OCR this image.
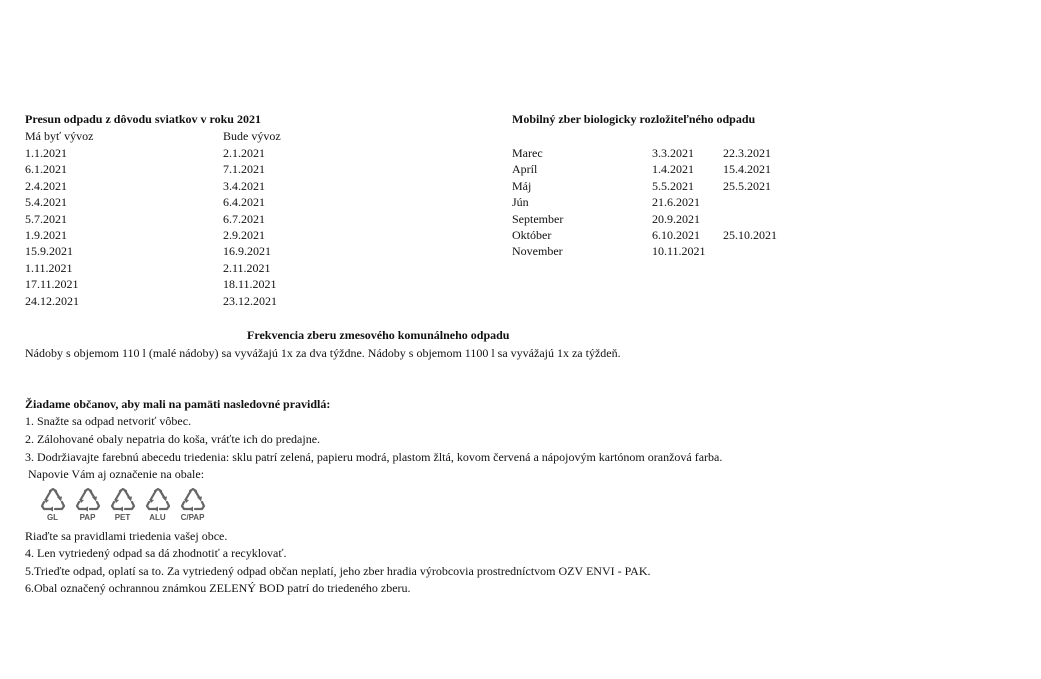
Presun odpadu z dôvodu sviatkov v roku 2021
Má byť vývoz	Bude vývoz
1.1.2021
6.1.2021
2.4.2021
5.4.2021
5.7.2021
1.9.2021
15.9.2021
1.11.2021
17.11.2021
24.12.2021
2.1.2021
7.1.2021
3.4.2021
6.4.2021
6.7.2021
2.9.2021
16.9.2021
2.11.2021
18.11.2021
23.12.2021
Mobilný zber biologicky rozložiteľného odpadu
Marec
Apríl
Máj
Jún
September
Október
November
3.3.2021
1.4.2021
5.5.2021
21.6.2021
20.9.2021
6.10.2021
10.11.2021
22.3.2021
15.4.2021
25.5.2021
25.10.2021
Frekvencia zberu zmesového komunálneho odpadu
Nádoby s objemom 110 l (malé nádoby) sa vyvážajú 1x za dva týždne. Nádoby s objemom 1100 l sa vyvážajú 1x za týždeň.
Žiadame občanov, aby mali na pamäti nasledovné pravidlá:
1. Snažte sa odpad netvoriť vôbec.
2. Zálohované obaly nepatria do koša, vráťte ich do predajne.
3. Dodržiavajte farebnú abecedu triedenia: sklu patrí zelená, papieru modrá, plastom žltá, kovom červená a nápojovým kartónom oranžová farba.
Napovie Vám aj označenie na obale:
GL	PAP PET ALU C/PAP
Riaďte sa pravidlami triedenia vašej obce.
4. Len vytriedený odpad sa dá zhodnotiť a recyklovať.
5.Trieďte odpad, oplatí sa to. Za vytriedený odpad občan neplatí, jeho zber hradia výrobcovia prostredníctvom OZV ENVI - PAK.
6.Obal označený ochrannou známkou ZELENÝ BOD patrí do triedeného zberu.
